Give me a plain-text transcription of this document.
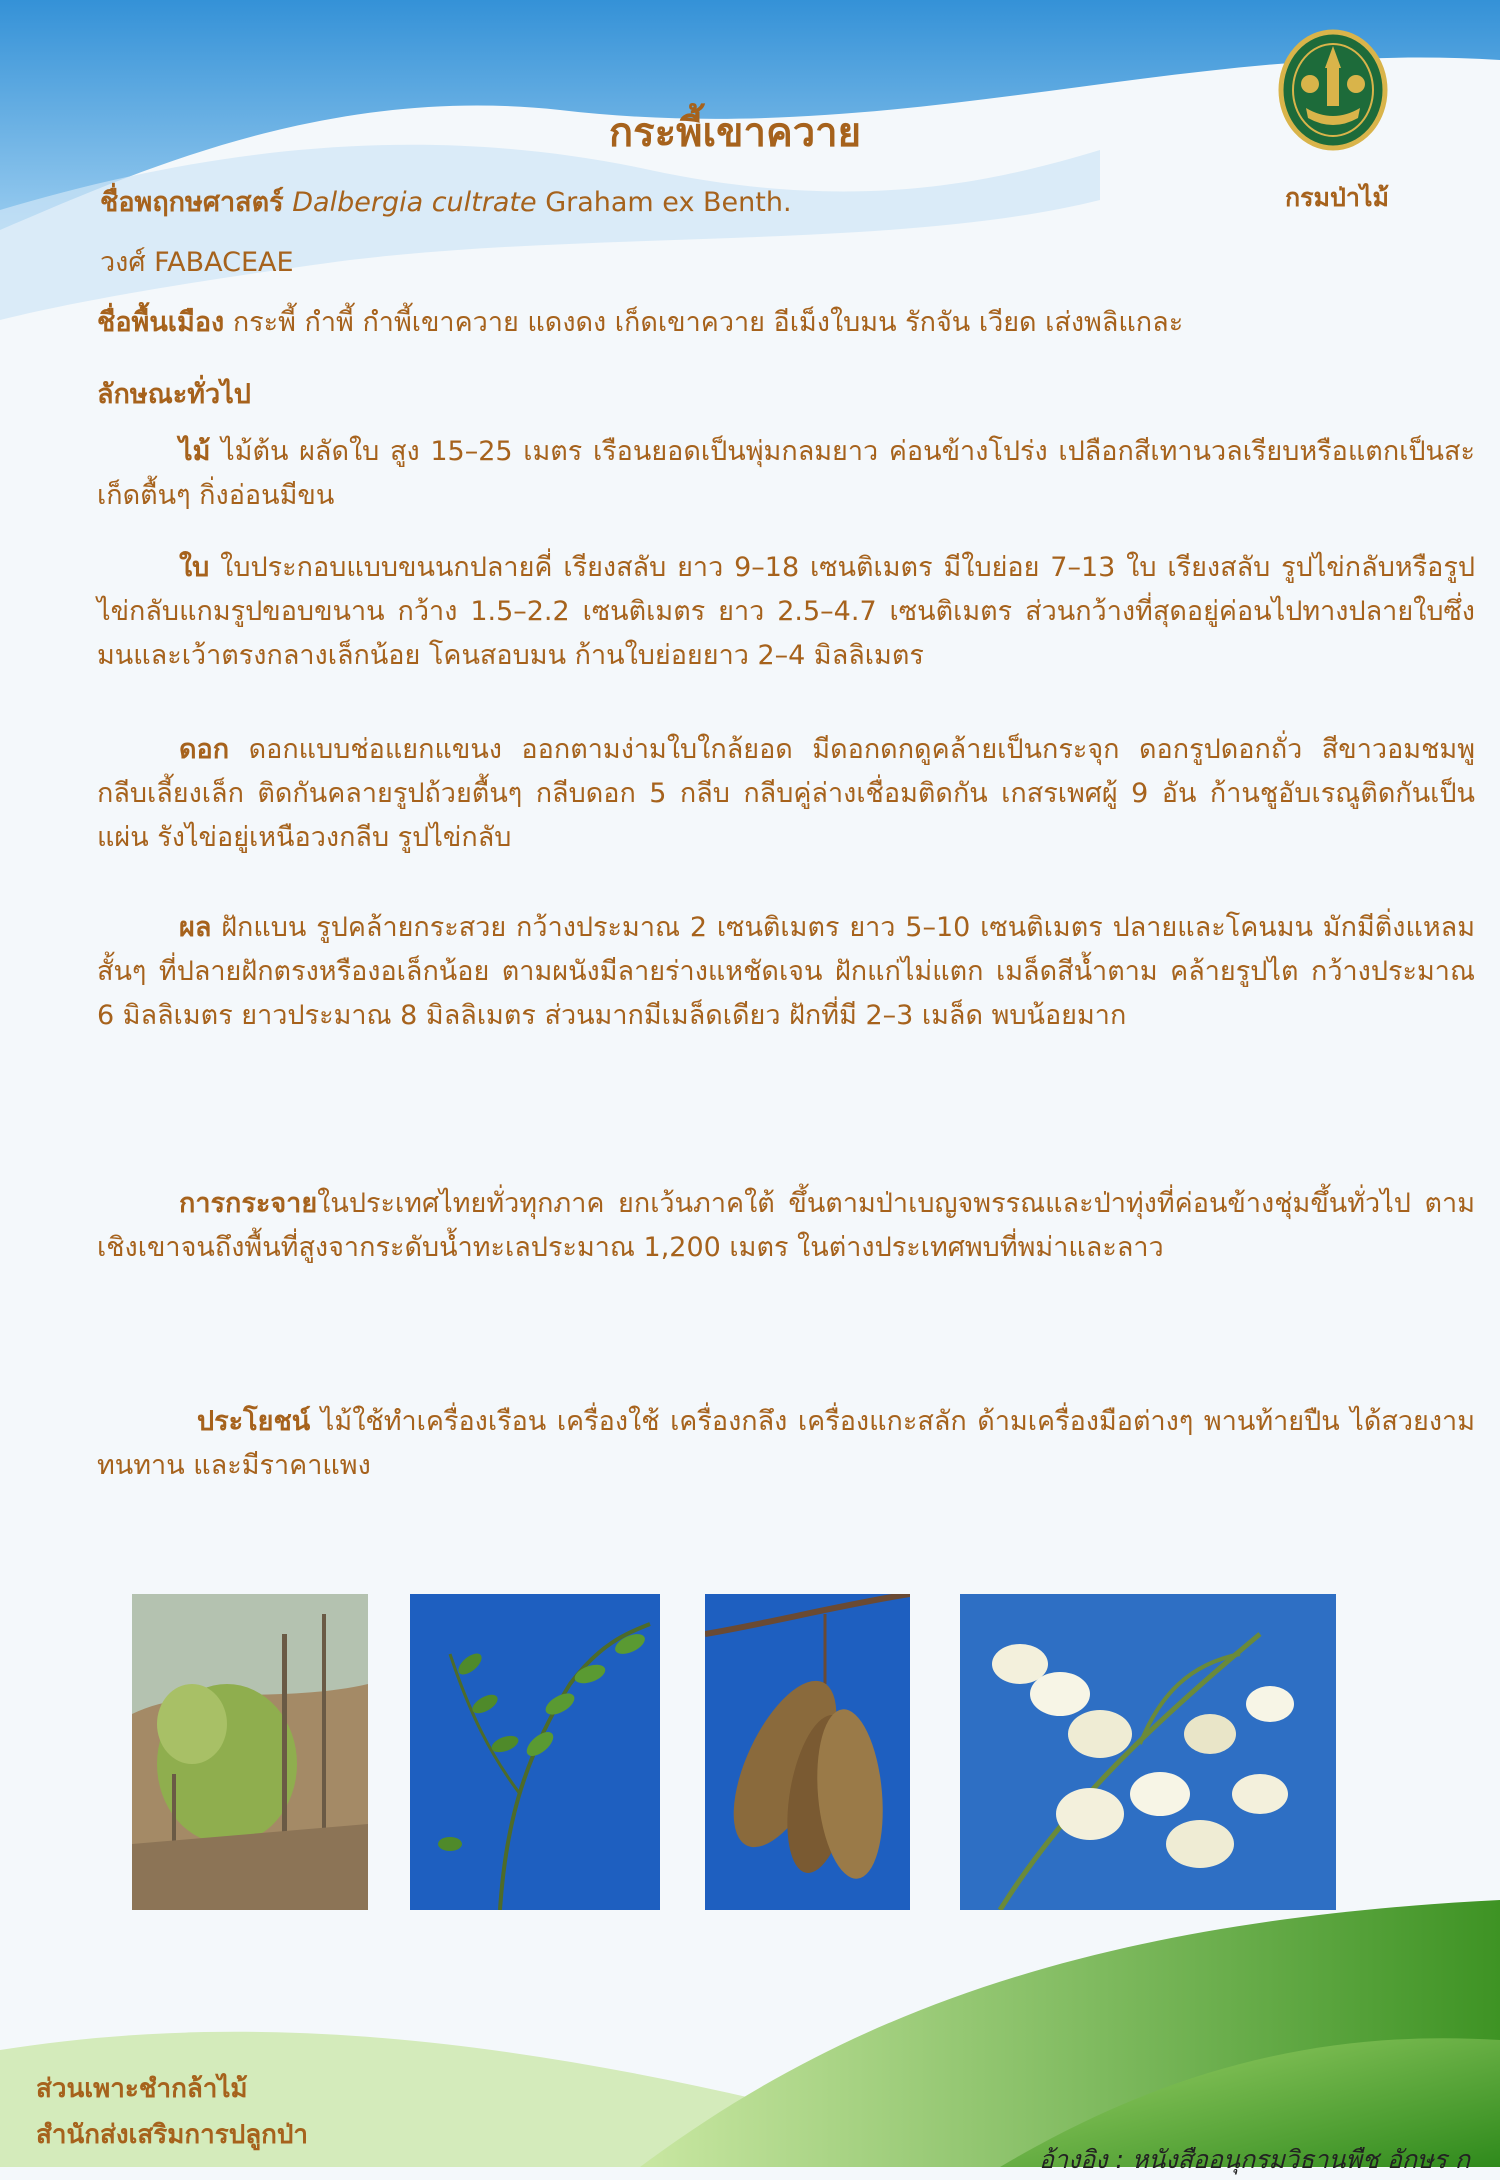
กระพี้เขาควาย
กรมป่าไม้
ชื่อพฤกษศาสตร์ Dalbergia cultrate Graham ex Benth.
วงศ์ FABACEAE
ชื่อพื้นเมือง กระพี้ กำพี้ กำพี้เขาควาย แดงดง เก็ดเขาควาย อีเม็งใบมน รักจัน เวียด เส่งพลิแกละ
ลักษณะทั่วไป

ไม้ ไม้ต้น ผลัดใบ สูง 15–25 เมตร เรือนยอดเป็นพุ่มกลมยาว ค่อนข้างโปร่ง เปลือกสีเทานวลเรียบหรือแตกเป็นสะเก็ดตื้นๆ กิ่งอ่อนมีขน

ใบ ใบประกอบแบบขนนกปลายคี่ เรียงสลับ ยาว 9–18 เซนติเมตร มีใบย่อย 7–13 ใบ เรียงสลับ รูปไข่กลับหรือรูปไข่กลับแกมรูปขอบขนาน กว้าง 1.5–2.2 เซนติเมตร ยาว 2.5–4.7 เซนติเมตร ส่วนกว้างที่สุดอยู่ค่อนไปทางปลายใบซึ่งมนและเว้าตรงกลางเล็กน้อย โคนสอบมน ก้านใบย่อยยาว 2–4 มิลลิเมตร

ดอก ดอกแบบช่อแยกแขนง ออกตามง่ามใบใกล้ยอด มีดอกดกดูคล้ายเป็นกระจุก ดอกรูปดอกถั่ว สีขาวอมชมพู กลีบเลี้ยงเล็ก ติดกันคลายรูปถ้วยตื้นๆ กลีบดอก 5 กลีบ กลีบคู่ล่างเชื่อมติดกัน เกสรเพศผู้ 9 อัน ก้านชูอับเรณูติดกันเป็นแผ่น รังไข่อยู่เหนือวงกลีบ รูปไข่กลับ

ผล ฝักแบน รูปคล้ายกระสวย กว้างประมาณ 2 เซนติเมตร ยาว 5–10 เซนติเมตร ปลายและโคนมน มักมีติ่งแหลมสั้นๆ ที่ปลายฝักตรงหรืองอเล็กน้อย ตามผนังมีลายร่างแหชัดเจน ฝักแก่ไม่แตก เมล็ดสีน้ำตาม คล้ายรูปไต กว้างประมาณ 6 มิลลิเมตร ยาวประมาณ 8 มิลลิเมตร ส่วนมากมีเมล็ดเดียว ฝักที่มี 2–3 เมล็ด พบน้อยมาก

การกระจายในประเทศไทยทั่วทุกภาค ยกเว้นภาคใต้ ขึ้นตามป่าเบญจพรรณและป่าทุ่งที่ค่อนข้างชุ่มขึ้นทั่วไป ตามเชิงเขาจนถึงพื้นที่สูงจากระดับน้ำทะเลประมาณ 1,200 เมตร ในต่างประเทศพบที่พม่าและลาว

ประโยชน์ ไม้ใช้ทำเครื่องเรือน เครื่องใช้ เครื่องกลึง เครื่องแกะสลัก ด้ามเครื่องมือต่างๆ พานท้ายปืน ได้สวยงาม ทนทาน และมีราคาแพง

ส่วนเพาะชำกล้าไม้
สำนักส่งเสริมการปลูกป่า
อ้างอิง : หนังสืออนุกรมวิธานพืช อักษร ก
